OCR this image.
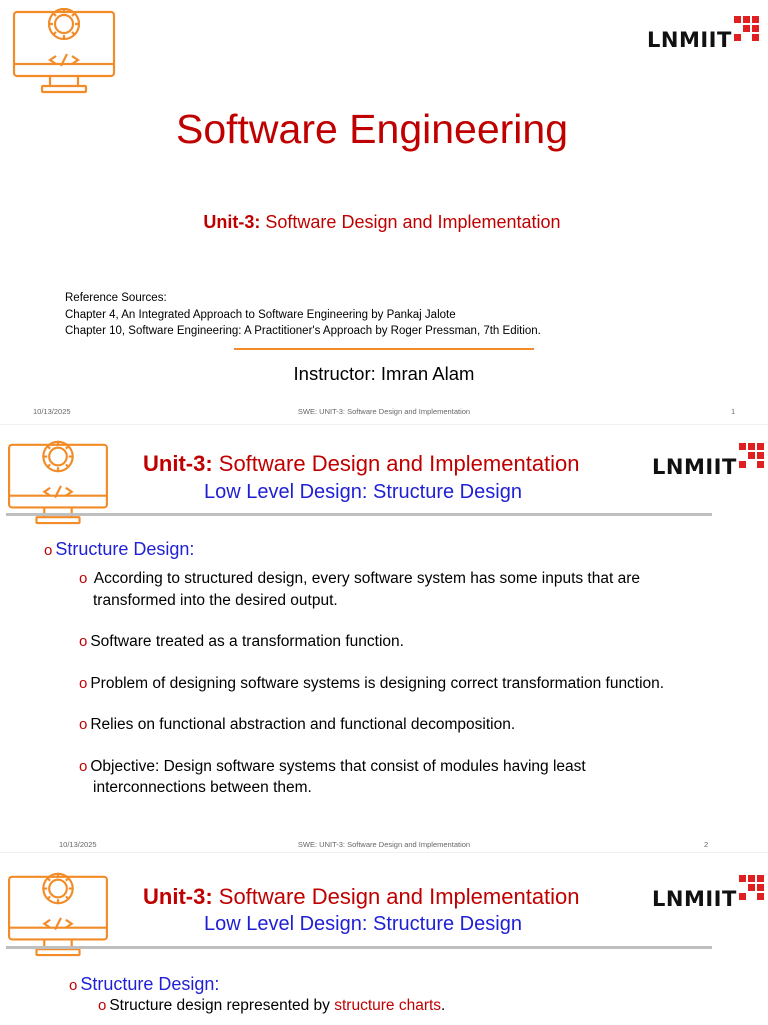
LNMIIT
Software Engineering
Unit-3: Software Design and Implementation
Reference Sources:
Chapter 4, An Integrated Approach to Software Engineering by Pankaj Jalote
Chapter 10, Software Engineering: A Practitioner's Approach by Roger Pressman, 7th Edition.
Instructor: Imran Alam
10/13/2025	SWE: UNIT-3: Software Design and Implementation	1
LNMIIT
Unit-3: Software Design and Implementation
Low Level Design: Structure Design
o Structure Design:
o According to structured design, every software system has some inputs that are
transformed into the desired output.
o Software treated as a transformation function.
o Problem of designing software systems is designing correct transformation function.
o Relies on functional abstraction and functional decomposition.
o Objective: Design software systems that consist of modules having least
interconnections between them.
10/13/2025	SWE: UNIT-3: Software Design and Implementation	2
LNMIIT
Unit-3: Software Design and Implementation
Low Level Design: Structure Design
o Structure Design:
o Structure design represented by structure charts.
